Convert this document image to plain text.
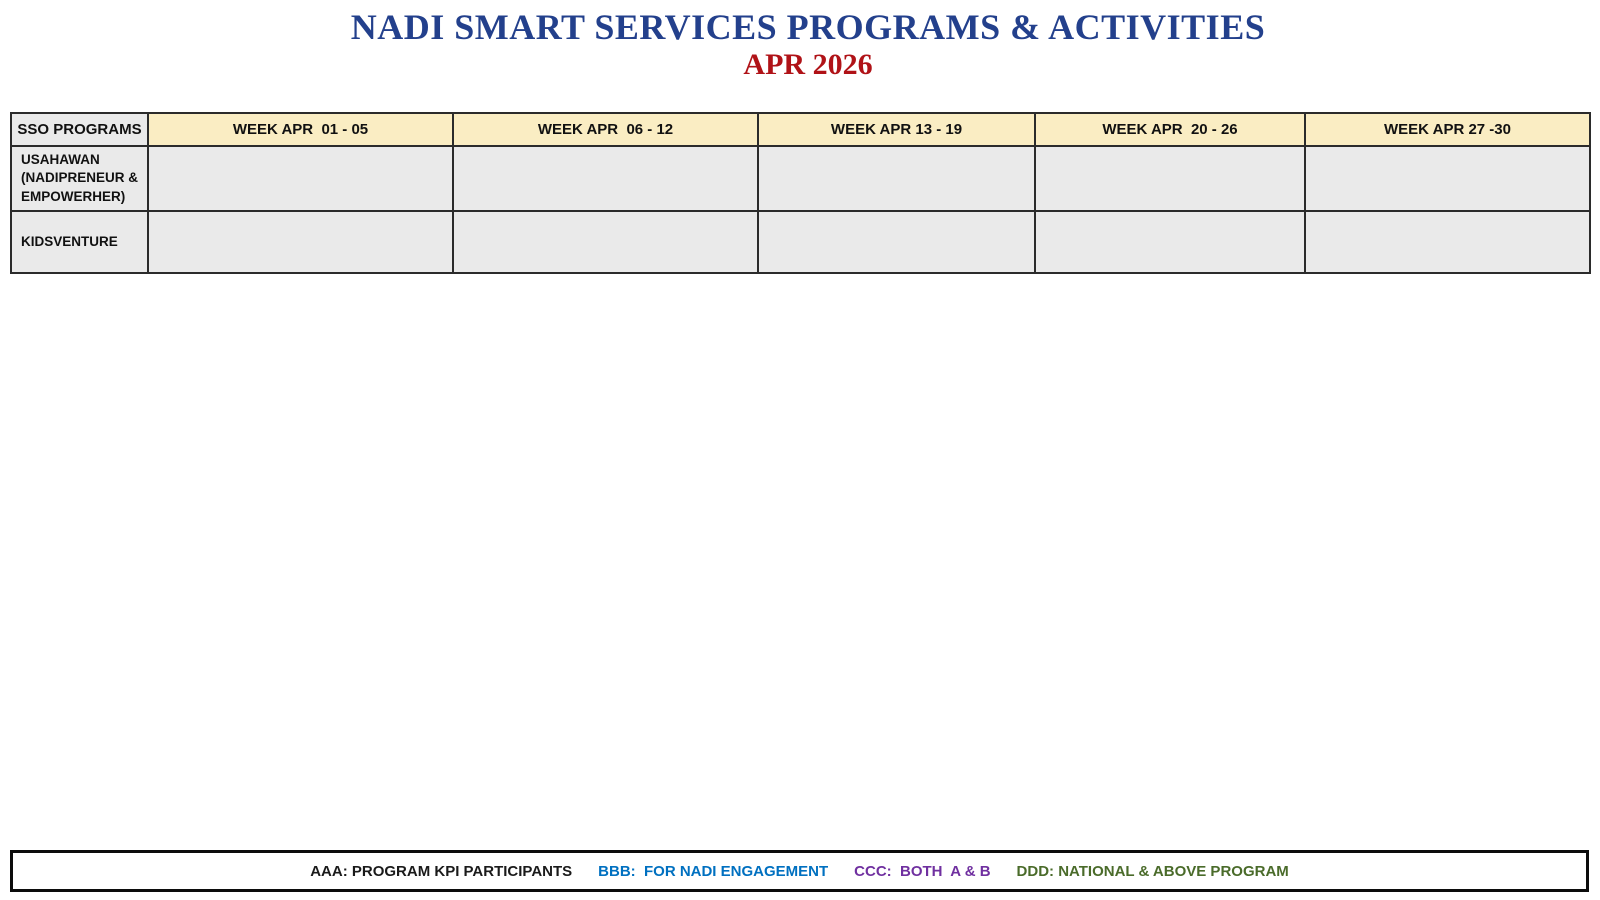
NADI SMART SERVICES PROGRAMS & ACTIVITIES
APR 2026
SSO PROGRAMS	WEEK APR  01 - 05	WEEK APR  06 - 12	WEEK APR 13 - 19	WEEK APR  20 - 26	WEEK APR 27 -30
USAHAWAN (NADIPRENEUR & EMPOWERHER)					
KIDSVENTURE					
AAA: PROGRAM KPI PARTICIPANTS BBB:  FOR NADI ENGAGEMENT CCC:  BOTH  A & B DDD: NATIONAL & ABOVE PROGRAM
